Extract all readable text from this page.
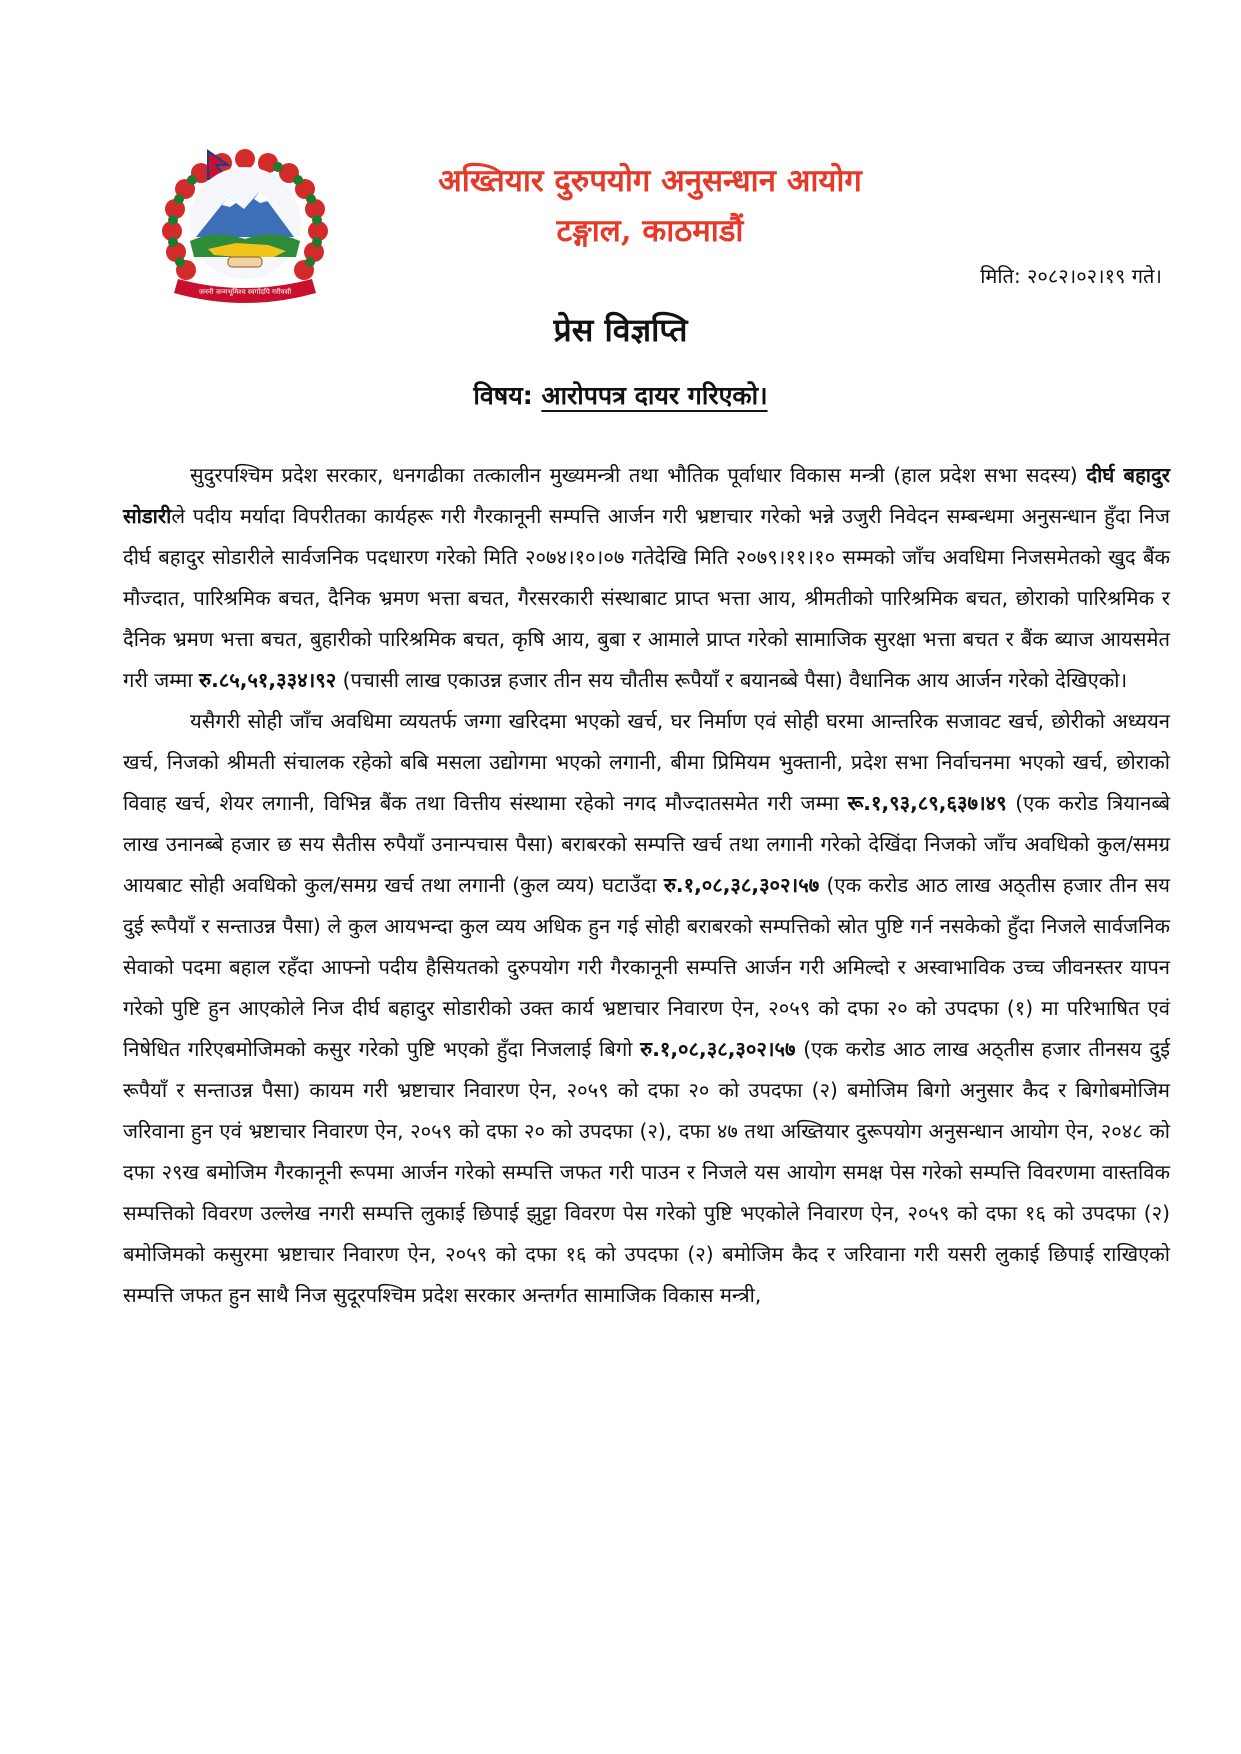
जननी जन्मभूमिश्च स्वर्गादपि गरीयसी

अख्तियार दुरुपयोग अनुसन्धान आयोग

टङ्गाल, काठमाडौं

मिति: २०८२।०२।१९ गते।

प्रेस विज्ञप्ति
विषय: आरोपपत्र दायर गरिएको।

सुदुरपश्चिम प्रदेश सरकार, धनगढीका तत्कालीन मुख्यमन्त्री तथा भौतिक पूर्वाधार विकास मन्त्री (हाल प्रदेश सभा सदस्य) दीर्घ बहादुर सोडारीले पदीय मर्यादा विपरीतका कार्यहरू गरी गैरकानूनी सम्पत्ति आर्जन गरी भ्रष्टाचार गरेको भन्ने उजुरी निवेदन सम्बन्धमा अनुसन्धान हुँदा निज दीर्घ बहादुर सोडारीले सार्वजनिक पदधारण गरेको मिति २०७४।१०।०७ गतेदेखि मिति २०७९।११।१० सम्मको जाँच अवधिमा निजसमेतको खुद बैंक मौज्दात, पारिश्रमिक बचत, दैनिक भ्रमण भत्ता बचत, गैरसरकारी संस्थाबाट प्राप्त भत्ता आय, श्रीमतीको पारिश्रमिक बचत, छोराको पारिश्रमिक र दैनिक भ्रमण भत्ता बचत, बुहारीको पारिश्रमिक बचत, कृषि आय, बुबा र आमाले प्राप्त गरेको सामाजिक सुरक्षा भत्ता बचत र बैंक ब्याज आयसमेत गरी जम्मा रु.८५,५१,३३४।९२ (पचासी लाख एकाउन्न हजार तीन सय चौतीस रूपैयाँ र बयानब्बे पैसा) वैधानिक आय आर्जन गरेको देखिएको।

यसैगरी सोही जाँच अवधिमा व्ययतर्फ जग्गा खरिदमा भएको खर्च, घर निर्माण एवं सोही घरमा आन्तरिक सजावट खर्च, छोरीको अध्ययन खर्च, निजको श्रीमती संचालक रहेको बबि मसला उद्योगमा भएको लगानी, बीमा प्रिमियम भुक्तानी, प्रदेश सभा निर्वाचनमा भएको खर्च, छोराको विवाह खर्च, शेयर लगानी, विभिन्न बैंक तथा वित्तीय संस्थामा रहेको नगद मौज्दातसमेत गरी जम्मा रू.१,९३,८९,६३७।४९ (एक करोड त्रियानब्बे लाख उनानब्बे हजार छ सय सैतीस रुपैयाँ उनान्पचास पैसा) बराबरको सम्पत्ति खर्च तथा लगानी गरेको देखिंदा निजको जाँच अवधिको कुल/समग्र आयबाट सोही अवधिको कुल/समग्र खर्च तथा लगानी (कुल व्यय) घटाउँदा रु.१,०८,३८,३०२।५७ (एक करोड आठ लाख अठ्तीस हजार तीन सय दुई रूपैयाँ र सन्ताउन्न पैसा) ले कुल आयभन्दा कुल व्यय अधिक हुन गई सोही बराबरको सम्पत्तिको स्रोत पुष्टि गर्न नसकेको हुँदा निजले सार्वजनिक सेवाको पदमा बहाल रहँदा आफ्नो पदीय हैसियतको दुरुपयोग गरी गैरकानूनी सम्पत्ति आर्जन गरी अमिल्दो र अस्वाभाविक उच्च जीवनस्तर यापन गरेको पुष्टि हुन आएकोले निज दीर्घ बहादुर सोडारीको उक्त कार्य भ्रष्टाचार निवारण ऐन, २०५९ को दफा २० को उपदफा (१) मा परिभाषित एवं निषेधित गरिएबमोजिमको कसुर गरेको पुष्टि भएको हुँदा निजलाई बिगो रु.१,०८,३८,३०२।५७ (एक करोड आठ लाख अठ्तीस हजार तीनसय दुई रूपैयाँ र सन्ताउन्न पैसा) कायम गरी भ्रष्टाचार निवारण ऐन, २०५९ को दफा २० को उपदफा (२) बमोजिम बिगो अनुसार कैद र बिगोबमोजिम जरिवाना हुन एवं भ्रष्टाचार निवारण ऐन, २०५९ को दफा २० को उपदफा (२), दफा ४७ तथा अख्तियार दुरूपयोग अनुसन्धान आयोग ऐन, २०४८ को दफा २९ख बमोजिम गैरकानूनी रूपमा आर्जन गरेको सम्पत्ति जफत गरी पाउन र निजले यस आयोग समक्ष पेस गरेको सम्पत्ति विवरणमा वास्तविक सम्पत्तिको विवरण उल्लेख नगरी सम्पत्ति लुकाई छिपाई झुट्टा विवरण पेस गरेको पुष्टि भएकोले निवारण ऐन, २०५९ को दफा १६ को उपदफा (२) बमोजिमको कसुरमा भ्रष्टाचार निवारण ऐन, २०५९ को दफा १६ को उपदफा (२) बमोजिम कैद र जरिवाना गरी यसरी लुकाई छिपाई राखिएको सम्पत्ति जफत हुन साथै निज सुदूरपश्चिम प्रदेश सरकार अन्तर्गत सामाजिक विकास मन्त्री,
